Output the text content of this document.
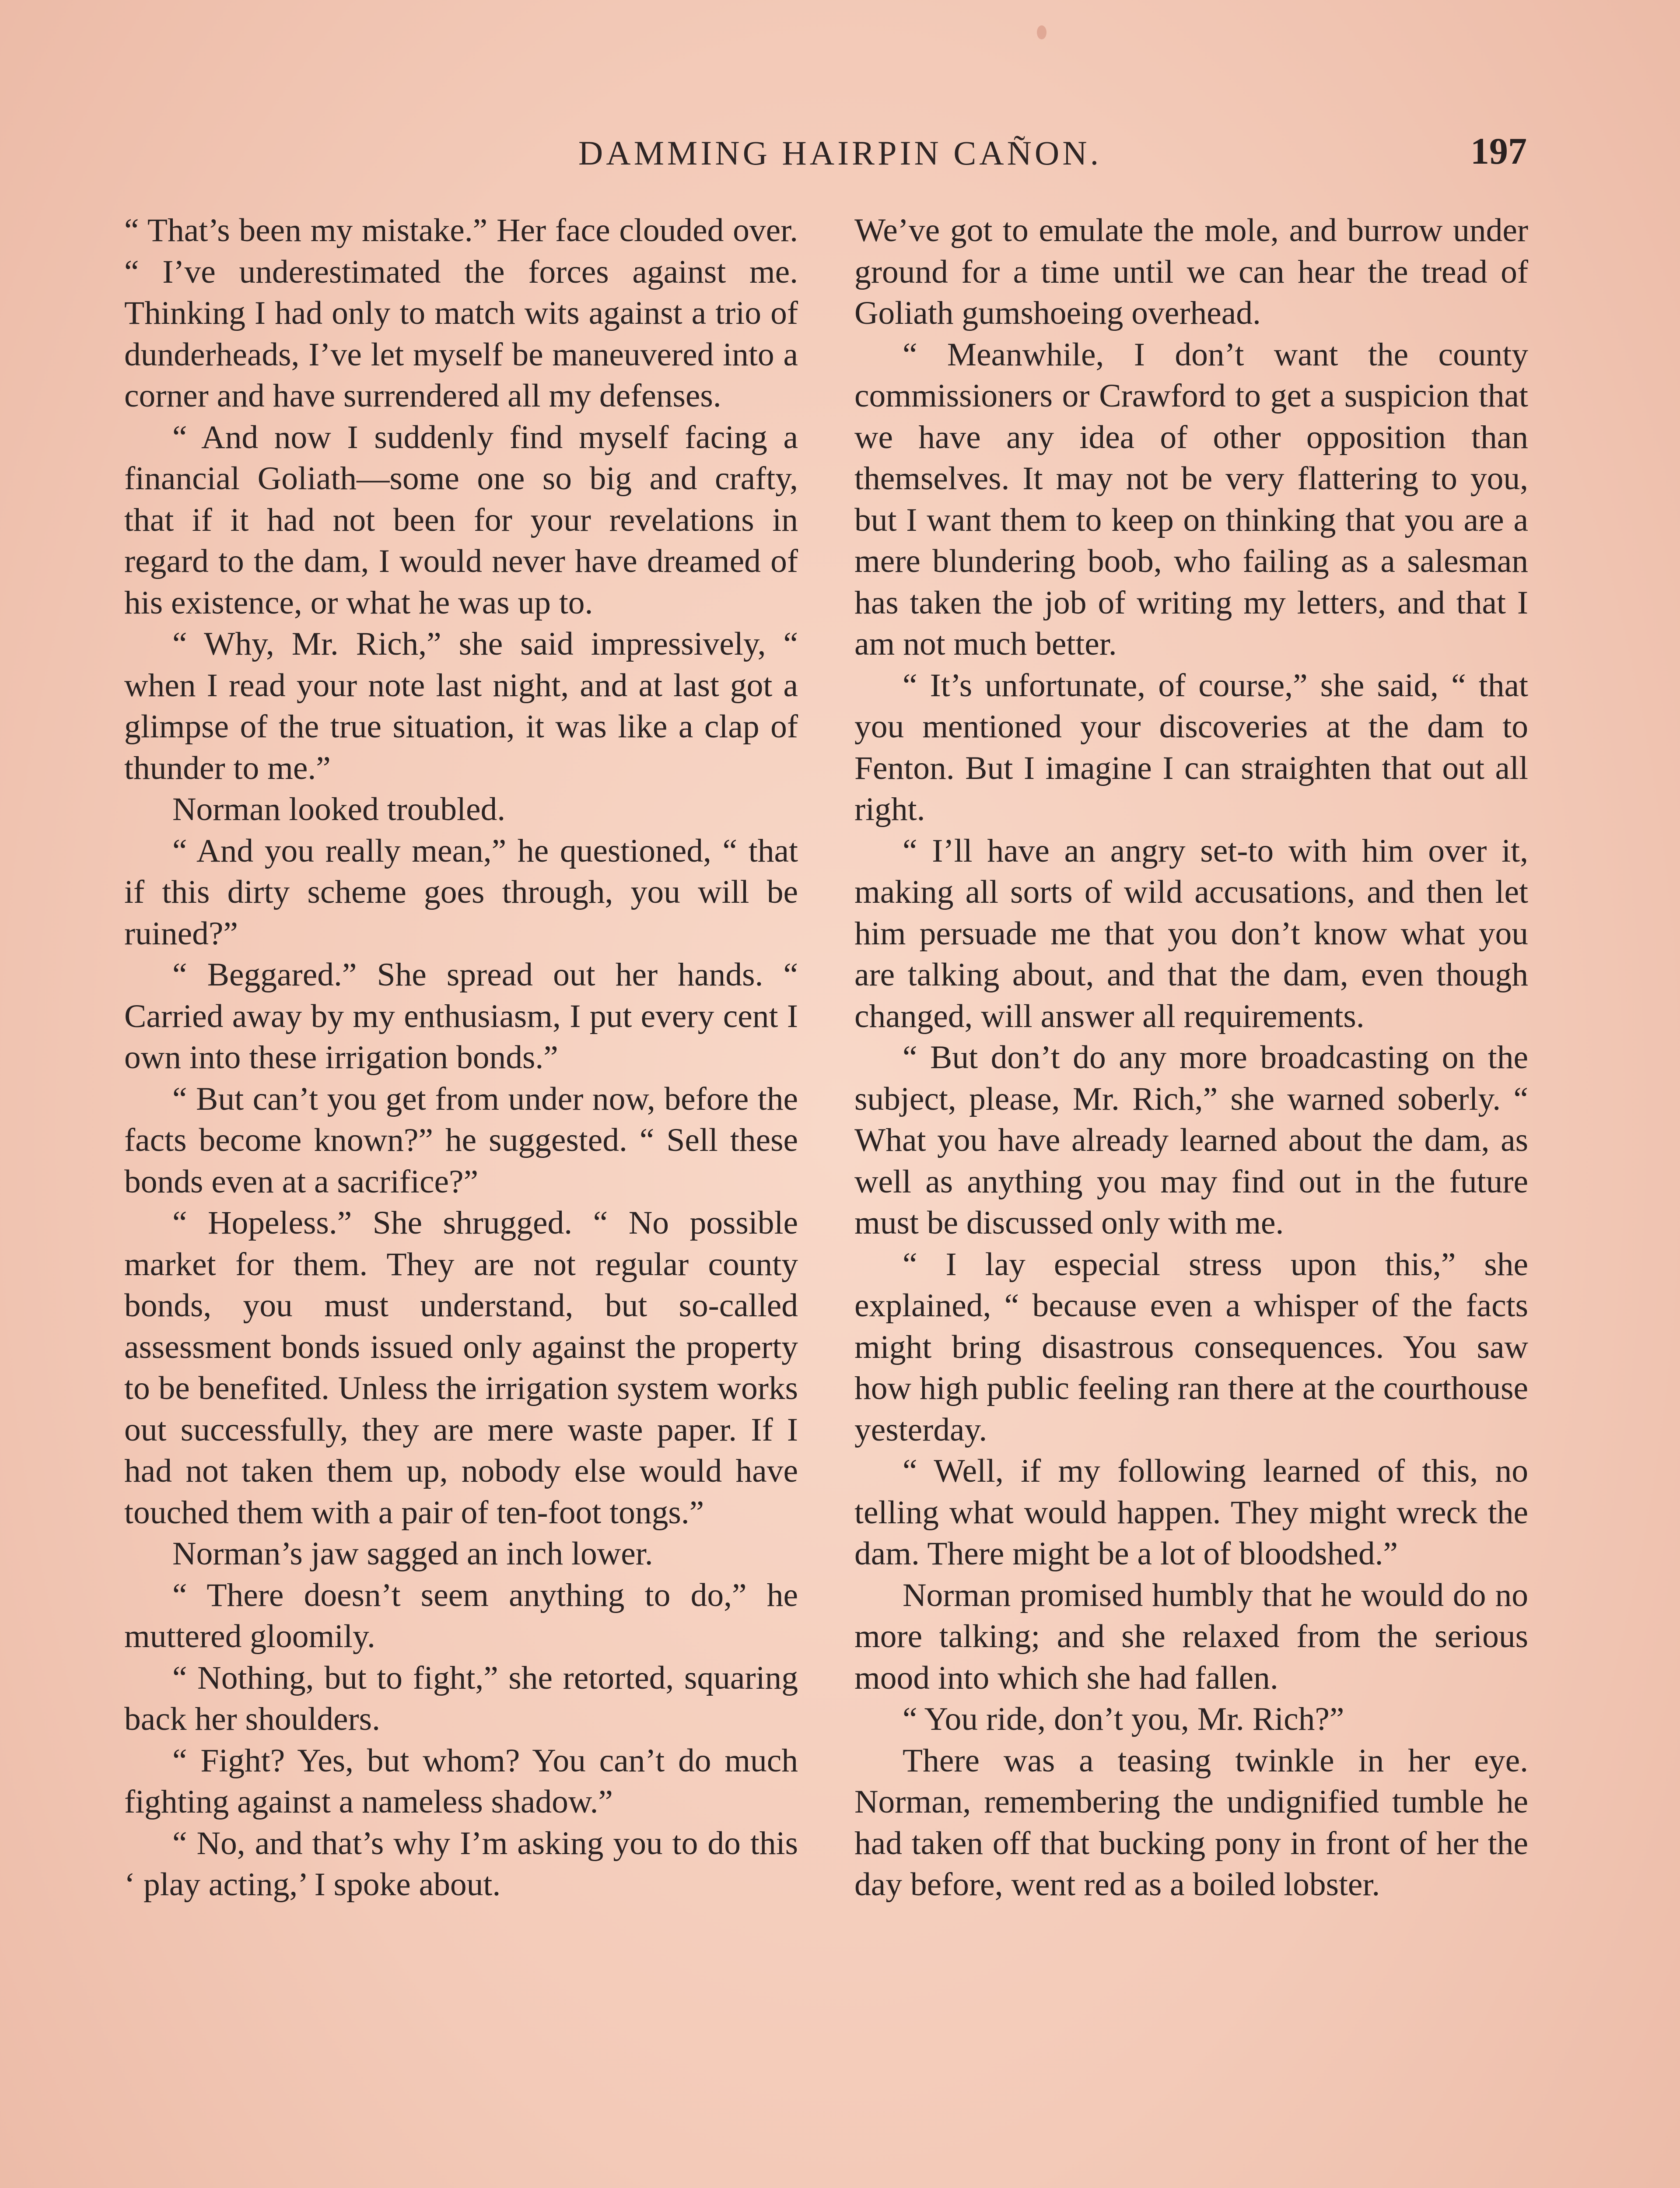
DAMMING HAIRPIN CAÑON.	197

“ That’s been my mistake.” Her face clouded over. “ I’ve underestimated the forces against me. Thinking I had only to match wits against a trio of dunderheads, I’ve let myself be maneuvered into a corner and have surrendered all my defenses.

“ And now I suddenly find myself facing a financial Goliath—some one so big and crafty, that if it had not been for your revelations in regard to the dam, I would never have dreamed of his existence, or what he was up to.

“ Why, Mr. Rich,” she said impressively, “ when I read your note last night, and at last got a glimpse of the true situation, it was like a clap of thunder to me.”

Norman looked troubled.

“ And you really mean,” he questioned, “ that if this dirty scheme goes through, you will be ruined?”

“ Beggared.” She spread out her hands. “ Carried away by my enthusiasm, I put every cent I own into these irrigation bonds.”

“ But can’t you get from under now, before the facts become known?” he suggested. “ Sell these bonds even at a sacrifice?”

“ Hopeless.” She shrugged. “ No possible market for them. They are not regular county bonds, you must understand, but so-called assessment bonds issued only against the property to be benefited. Unless the irrigation system works out successfully, they are mere waste paper. If I had not taken them up, nobody else would have touched them with a pair of ten-foot tongs.”

Norman’s jaw sagged an inch lower.

“ There doesn’t seem anything to do,” he muttered gloomily.

“ Nothing, but to fight,” she retorted, squaring back her shoulders.

“ Fight? Yes, but whom? You can’t do much fighting against a nameless shadow.”

“ No, and that’s why I’m asking you to do this ‘ play acting,’ I spoke about.

We’ve got to emulate the mole, and burrow under ground for a time until we can hear the tread of Goliath gumshoeing overhead.

“ Meanwhile, I don’t want the county commissioners or Crawford to get a suspicion that we have any idea of other opposition than themselves. It may not be very flattering to you, but I want them to keep on thinking that you are a mere blundering boob, who failing as a salesman has taken the job of writing my letters, and that I am not much better.

“ It’s unfortunate, of course,” she said, “ that you mentioned your discoveries at the dam to Fenton. But I imagine I can straighten that out all right.

“ I’ll have an angry set-to with him over it, making all sorts of wild accusations, and then let him persuade me that you don’t know what you are talking about, and that the dam, even though changed, will answer all requirements.

“ But don’t do any more broadcasting on the subject, please, Mr. Rich,” she warned soberly. “ What you have already learned about the dam, as well as anything you may find out in the future must be discussed only with me.

“ I lay especial stress upon this,” she explained, “ because even a whisper of the facts might bring disastrous consequences. You saw how high public feeling ran there at the courthouse yesterday.

“ Well, if my following learned of this, no telling what would happen. They might wreck the dam. There might be a lot of bloodshed.”

Norman promised humbly that he would do no more talking; and she relaxed from the serious mood into which she had fallen.

“ You ride, don’t you, Mr. Rich?”

There was a teasing twinkle in her eye. Norman, remembering the undignified tumble he had taken off that bucking pony in front of her the day before, went red as a boiled lobster.
